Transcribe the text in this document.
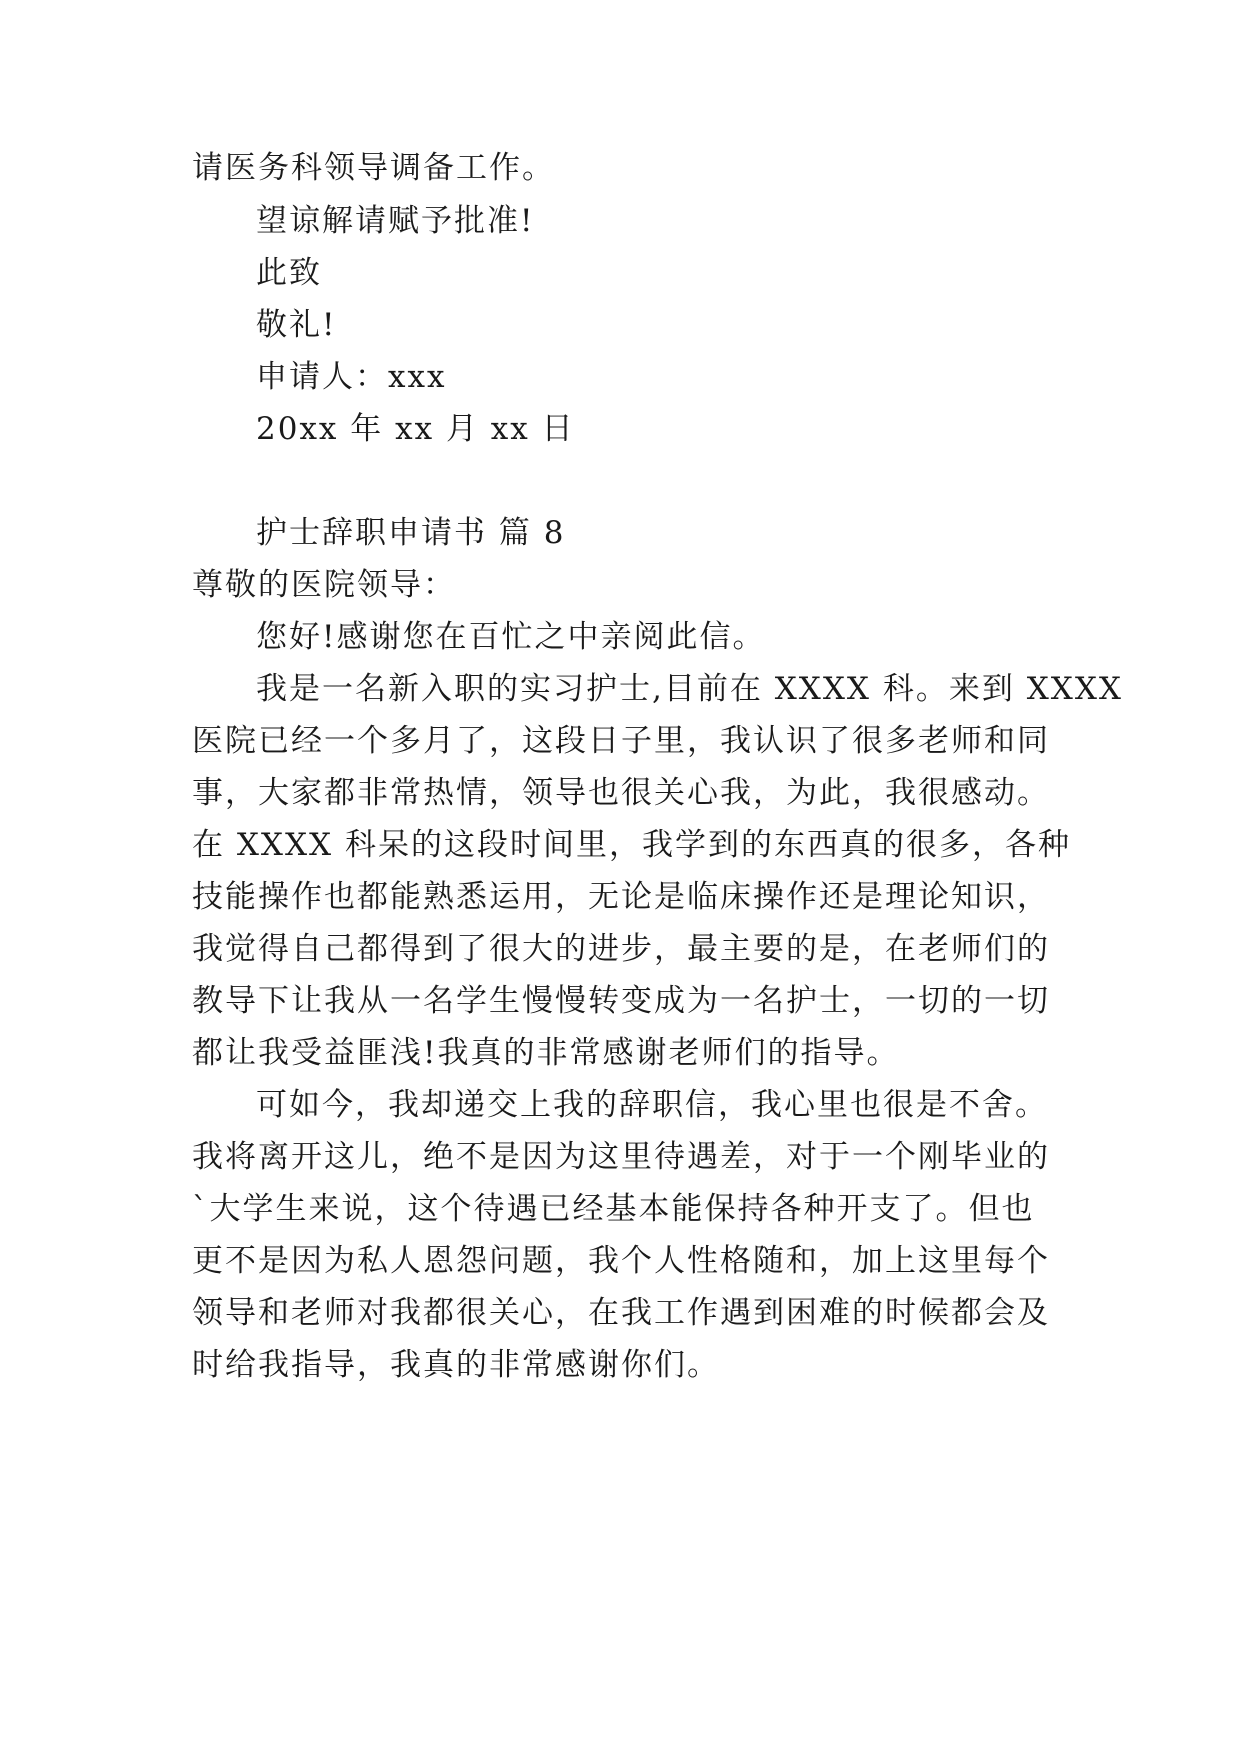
请医务科领导调备工作。
望谅解请赋予批准!
此致
敬礼!
申请人：xxx
20xx 年 xx 月 xx 日
护士辞职申请书 篇 8
尊敬的医院领导：
您好!感谢您在百忙之中亲阅此信。
我是一名新入职的实习护士,目前在 XXXX 科。来到 XXXX
医院已经一个多月了，这段日子里，我认识了很多老师和同
事，大家都非常热情，领导也很关心我，为此，我很感动。
在 XXXX 科呆的这段时间里，我学到的东西真的很多，各种
技能操作也都能熟悉运用，无论是临床操作还是理论知识，
我觉得自己都得到了很大的进步，最主要的是，在老师们的
教导下让我从一名学生慢慢转变成为一名护士，一切的一切
都让我受益匪浅!我真的非常感谢老师们的指导。
可如今，我却递交上我的辞职信，我心里也很是不舍。
我将离开这儿，绝不是因为这里待遇差，对于一个刚毕业的
`大学生来说，这个待遇已经基本能保持各种开支了。但也
更不是因为私人恩怨问题，我个人性格随和，加上这里每个
领导和老师对我都很关心，在我工作遇到困难的时候都会及
时给我指导，我真的非常感谢你们。
